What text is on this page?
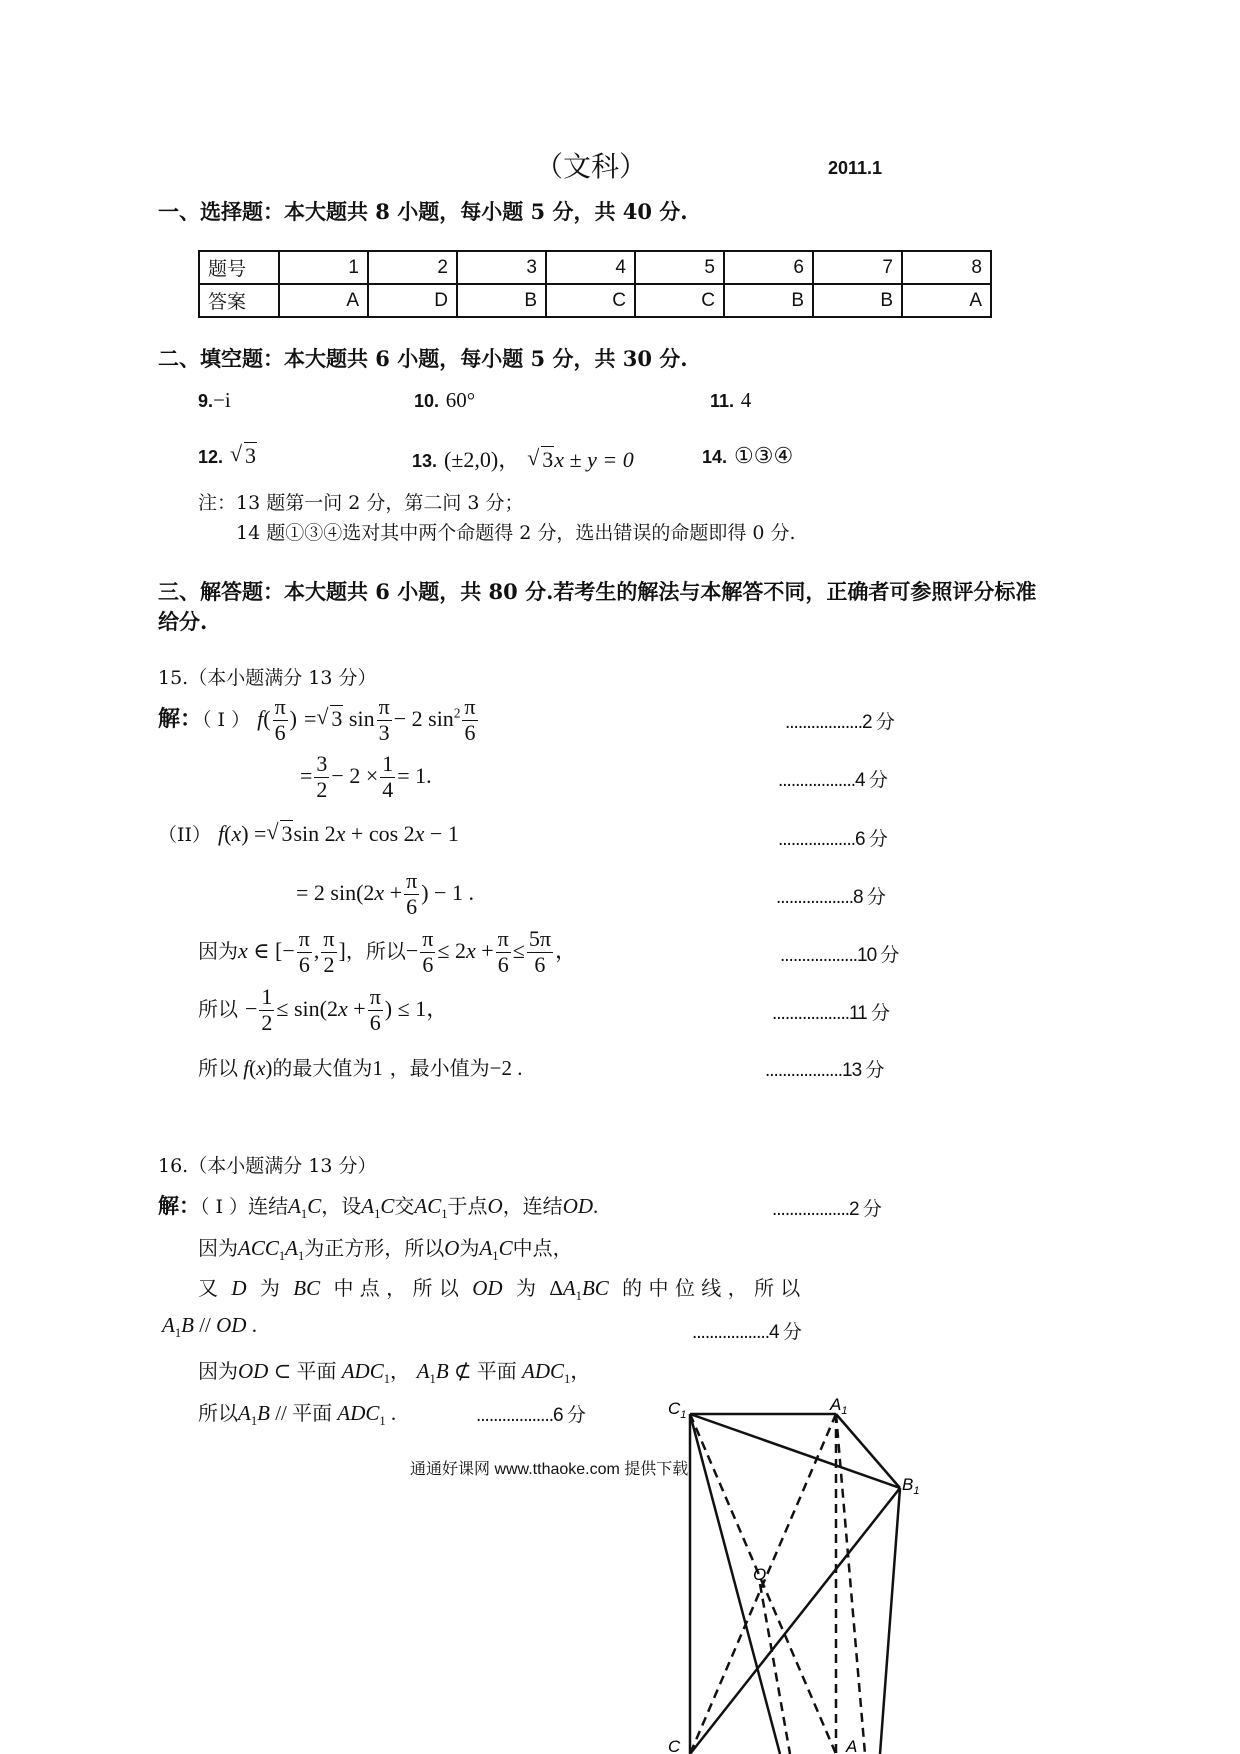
（文科）	2011.1
一、选择题：本大题共 8 小题，每小题 5 分，共 40 分.
题号	1	2	3	4	5	6	7	8
答案	A	D	B	C	C	B	B	A
二、填空题：本大题共 6 小题，每小题 5 分，共 30 分.
9.−i	10. 60°	11. 4
12. √ 3	13. (±2,0)， √ 3x ± y = 0	14. ①③④
注：13 题第一问 2 分，第二问 3 分；
14 题①③④选对其中两个命题得 2 分，选出错误的命题即得 0 分.
三、解答题：本大题共 6 小题，共 80 分.若考生的解法与本解答不同，正确者可参照评分标准
给分.
15.（本小题满分 13 分）
解：（ I ） $f( \frac{\pi}{6}$ ) = √ 3 $\sin \frac{\pi}{3} - 2$ $\sin^2 \frac{\pi}{6}$	..................2 分
= $\frac{3}{2} - 2 \times \frac{1}{4} = 1$.	..................4 分
（II） f(x) = √ 3sin 2x + cos 2x − 1	..................6 分
= 2 $\sin(2x + \frac{\pi}{6}$ ) − 1 .	..................8 分
因为x ∈ [− $\frac{\pi}{6}$ , $\frac{\pi}{2}$ ]，所以− $\frac{\pi}{6} \le 2x + \frac{\pi}{6} \le \frac{5\pi}{6}$ ，	..................10 分
所以 − $\frac{1}{2} \le \sin(2x + \frac{\pi}{6}$ ) ≤ 1，	..................11 分
所以 f(x)的最大值为1 ，最小值为−2 .	..................13 分
16.（本小题满分 13 分）
解：（ I ）连结$A_1C$，设$A_1C$交$AC_1$于点O，连结OD.	..................2 分
因为$ACC_1A_1$为正方形，所以O为$A_1C$中点，
又 D 为 BC 中 点 ， 所 以 OD 为 $\Delta A_1BC$ 的 中 位 线 ， 所 以
$A_1B$ // OD .	..................4 分
因为OD ⊂ 平面 $ADC_1$， $A_1B$ ⊄ 平面 $ADC_1$，
所以$A_1B$ // 平面 $ADC_1$ .	..................6 分	$C_1$
$A_1$
$B_1$
O
C	A
通通好课网 www.tthaoke.com 提供下载
